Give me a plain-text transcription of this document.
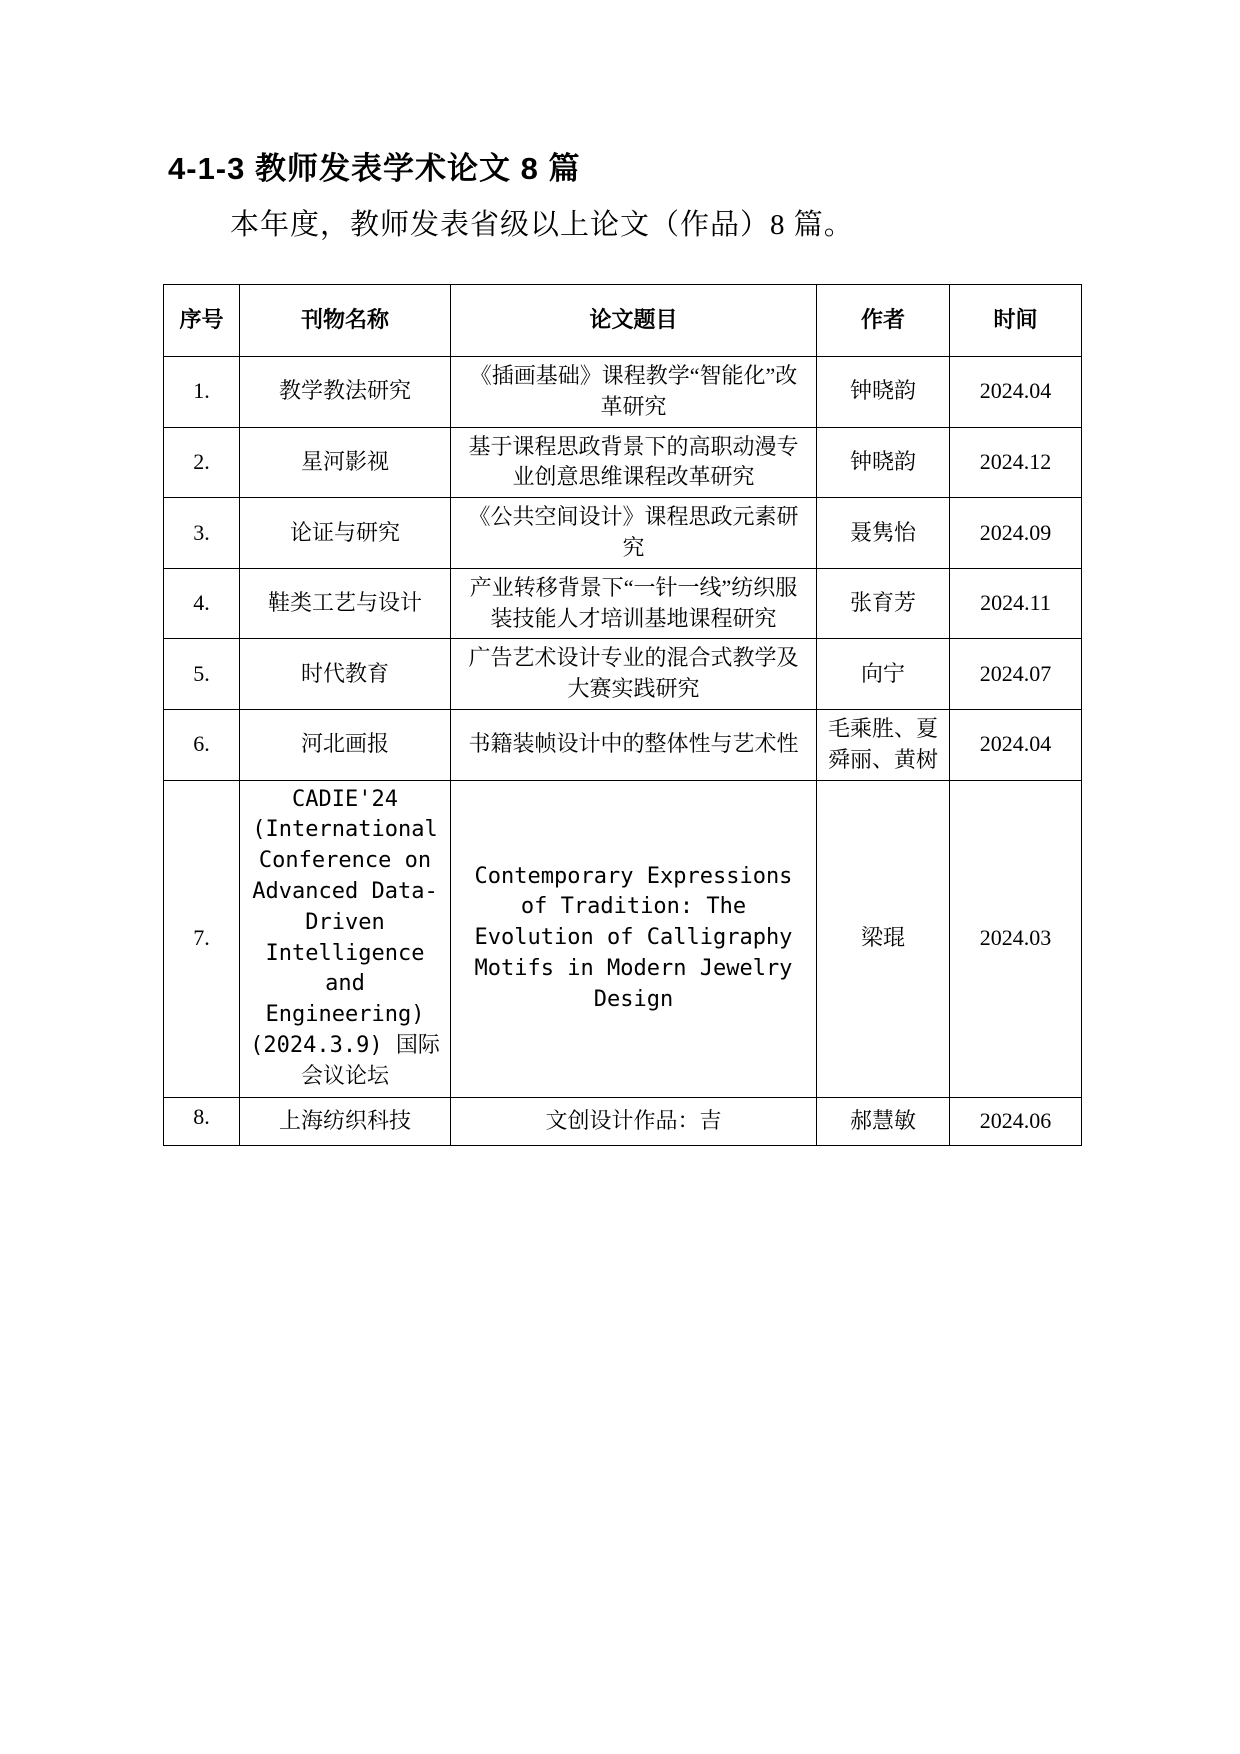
4-1-3 教师发表学术论文 8 篇
本年度，教师发表省级以上论文（作品）8 篇。
序号	刊物名称	论文题目	作者	时间
1.	教学教法研究	《插画基础》课程教学“智能化”改革研究	钟晓韵	2024.04
2.	星河影视	基于课程思政背景下的高职动漫专业创意思维课程改革研究	钟晓韵	2024.12
3.	论证与研究	《公共空间设计》课程思政元素研究	聂隽怡	2024.09
4.	鞋类工艺与设计	产业转移背景下“一针一线”纺织服装技能人才培训基地课程研究	张育芳	2024.11
5.	时代教育	广告艺术设计专业的混合式教学及大赛实践研究	向宁	2024.07
6.	河北画报	书籍装帧设计中的整体性与艺术性	毛乘胜、夏舜丽、黄树	2024.04
7.	CADIE'24 (International Conference on Advanced Data-Driven Intelligence and Engineering)(2024.3.9) 国际会议论坛	Contemporary Expressions of Tradition: The Evolution of Calligraphy Motifs in Modern Jewelry Design	梁琨	2024.03
8.	上海纺织科技	文创设计作品：吉	郝慧敏	2024.06
